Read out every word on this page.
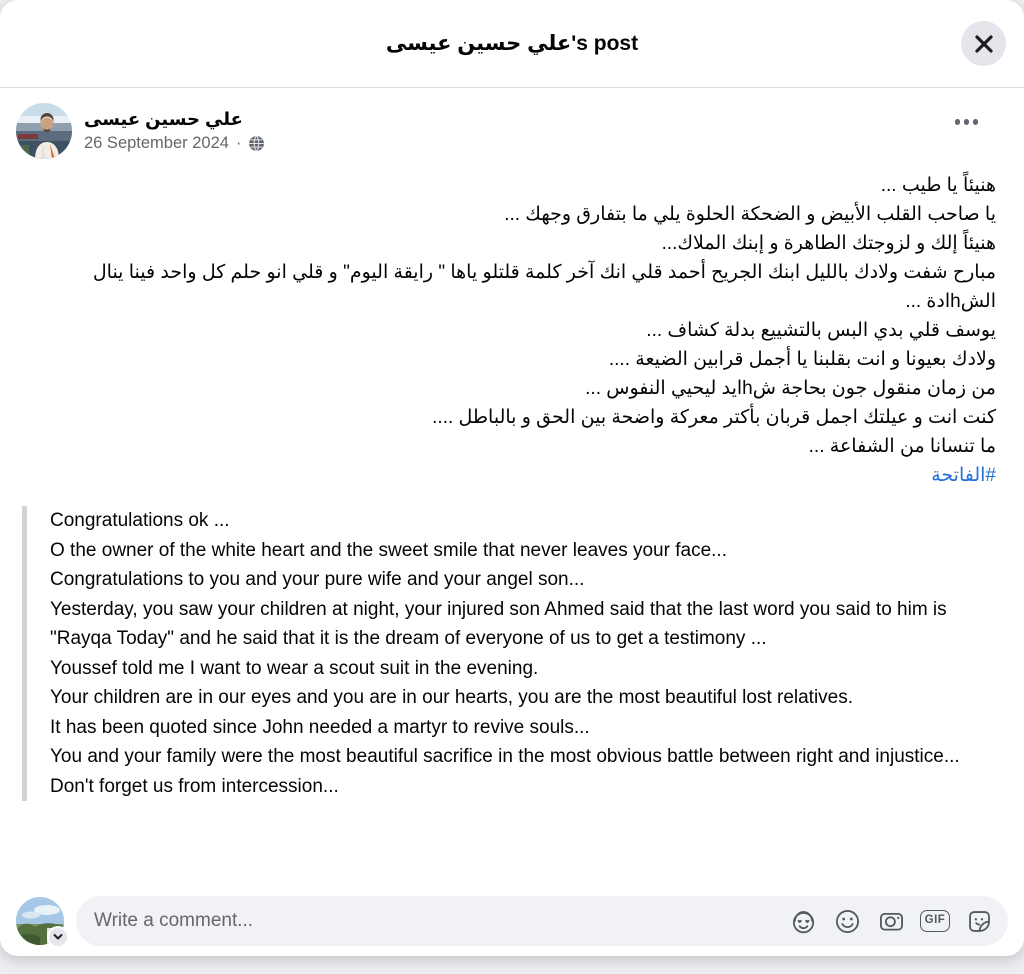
علي حسين عيسى's post
علي حسين عيسى
26 September 2024 ·

هنيئاً يا طيب ...

يا صاحب القلب الأبيض و الضحكة الحلوة يلي ما بتفارق وجهك ...

هنيئاً إلك و لزوجتك الطاهرة و إبنك الملاك...

مبارح شفت ولادك بالليل ابنك الجريح أحمد قلي انك آخر كلمة قلتلو ياها " رايقة اليوم" و قلي انو حلم كل واحد فينا ينال الشhادة ...

يوسف قلي بدي البس بالتشييع بدلة كشاف ...

ولادك بعيونا و انت بقلبنا يا أجمل قرابين الضيعة ....

من زمان منقول جون بحاجة شhايد ليحيي النفوس ...

كنت انت و عيلتك اجمل قربان بأكتر معركة واضحة بين الحق و بالباطل ....

ما تنسانا من الشفاعة ...

#الفاتحة

Congratulations ok ...

O the owner of the white heart and the sweet smile that never leaves your face...

Congratulations to you and your pure wife and your angel son...

Yesterday, you saw your children at night, your injured son Ahmed said that the last word you said to him is "Rayqa Today" and he said that it is the dream of everyone of us to get a testimony ...

Youssef told me I want to wear a scout suit in the evening.

Your children are in our eyes and you are in our hearts, you are the most beautiful lost relatives.

It has been quoted since John needed a martyr to revive souls...

You and your family were the most beautiful sacrifice in the most obvious battle between right and injustice...

Don't forget us from intercession...

Write a comment...
GIF
